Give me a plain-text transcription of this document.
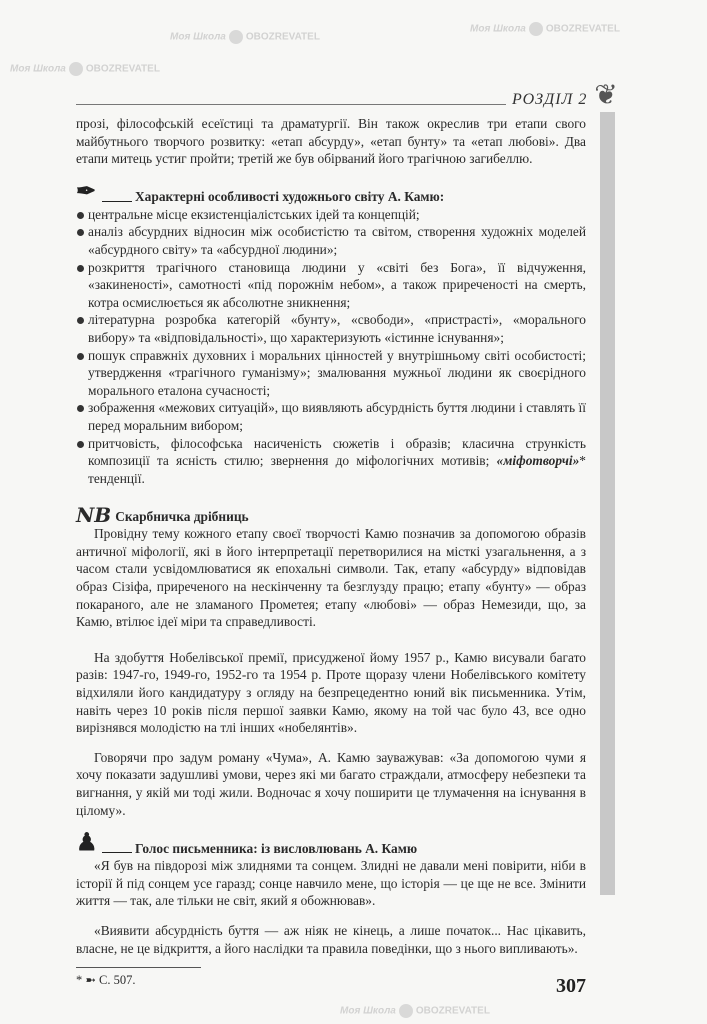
Моя Школа OBOZREVATEL
Моя Школа OBOZREVATEL
Моя Школа OBOZREVATEL
Моя Школа OBOZREVATEL
РОЗДІЛ 2 ❦

прозі, філософській есеїстиці та драматургії. Він також окреслив три етапи свого майбутнього творчого розвитку: «етап абсурду», «етап бунту» та «етап любові». Два етапи митець устиг пройти; третій же був обірваний його трагічною загибеллю.

✒	Характерні особливості художнього світу А. Камю:
центральне місце екзистенціалістських ідей та концепцій;
аналіз абсурдних відносин між особистістю та світом, створення художніх моделей «абсурдного світу» та «абсурдної людини»;
розкриття трагічного становища людини у «світі без Бога», її відчуження, «закинeності», самотності «під порожнім небом», а також приреченості на смерть, котра осмислюється як абсолютне зникнення;
літературна розробка категорій «бунту», «свободи», «пристрасті», «морального вибору» та «відповідальності», що характеризують «істинне існування»;
пошук справжніх духовних і моральних цінностей у внутрішньому світі особистості; утвердження «трагічного гуманізму»; змалювання мужньої людини як своєрідного морального еталона сучасності;
зображення «межових ситуацій», що виявляють абсурдність буття людини і ставлять її перед моральним вибором;
притчовість, філософська насиченість сюжетів і образів; класична стрункість композиції та ясність стилю; звернення до міфологічних мотивів; «міфотворчі»* тенденції.
NB Скарбничка дрібниць

Провідну тему кожного етапу своєї творчості Камю позначив за допомогою образів античної міфології, які в його інтерпретації перетворилися на місткі узагальнення, а з часом стали усвідомлюватися як епохальні символи. Так, етапу «абсурду» відповідав образ Сізіфа, приреченого на нескінченну та безглузду працю; етапу «бунту» — образ покараного, але не зламаного Прометея; етапу «любові» — образ Немезиди, що, за Камю, втілює ідеї міри та справедливості.

На здобуття Нобелівської премії, присудженої йому 1957 р., Камю висували багато разів: 1947-го, 1949-го, 1952-го та 1954 р. Проте щоразу члени Нобелівського комітету відхиляли його кандидатуру з огляду на безпрецедентно юний вік письменника. Утім, навіть через 10 років після першої заявки Камю, якому на той час було 43, все одно вирізнявся молодістю на тлі інших «нобелянтів».

Говорячи про задум роману «Чума», А. Камю зауважував: «За допомогою чуми я хочу показати задушливі умови, через які ми багато страждали, атмосферу небезпеки та вигнання, у якій ми тоді жили. Водночас я хочу поширити це тлумачення на існування в цілому».

♟	Голос письменника: із висловлювань А. Камю

«Я був на півдорозі між злиднями та сонцем. Злидні не давали мені повірити, ніби в історії й під сонцем усе гаразд; сонце навчило мене, що історія — це ще не все. Змінити життя — так, але тільки не світ, який я обожнював».

«Виявити абсурдність буття — аж ніяк не кінець, а лише початок... Нас цікавить, власне, не це відкриття, а його наслідки та правила поведінки, що з нього випливають».

* ➼ С. 507.	307
